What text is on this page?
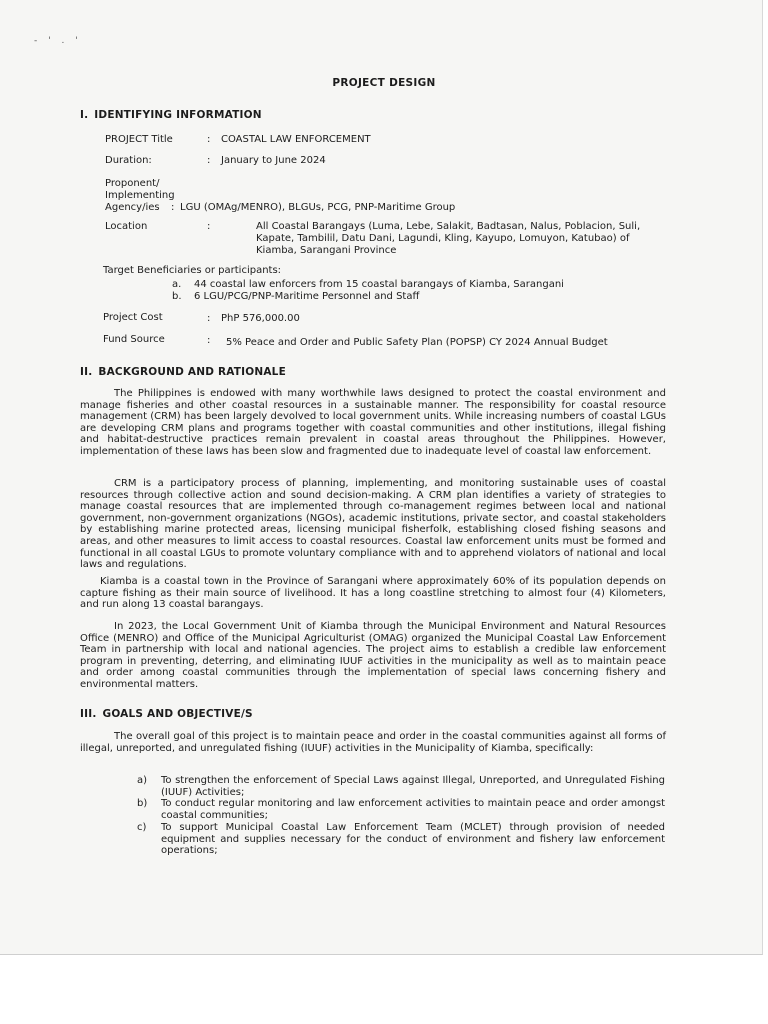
- ' . '
PROJECT DESIGN
I. IDENTIFYING INFORMATION
PROJECT Title	: COASTAL LAW ENFORCEMENT
Duration:	: January to June 2024
Proponent/
Implementing
Agency/ies : LGU (OMAg/MENRO), BLGUs, PCG, PNP-Maritime Group
Location	:	All Coastal Barangays (Luma, Lebe, Salakit, Badtasan, Nalus, Poblacion, Suli,
Kapate, Tambilil, Datu Dani, Lagundi, Kling, Kayupo, Lomuyon, Katubao) of
Kiamba, Sarangani Province
Target Beneficiaries or participants:
a. 44 coastal law enforcers from 15 coastal barangays of Kiamba, Sarangani
b. 6 LGU/PCG/PNP-Maritime Personnel and Staff
Project Cost	: PhP 576,000.00
Fund Source	: 5% Peace and Order and Public Safety Plan (POPSP) CY 2024 Annual Budget
II. BACKGROUND AND RATIONALE
The Philippines is endowed with many worthwhile laws designed to protect the coastal environment and manage fisheries and other coastal resources in a sustainable manner. The responsibility for coastal resource management (CRM) has been largely devolved to local government units. While increasing numbers of coastal LGUs are developing CRM plans and programs together with coastal communities and other institutions, illegal fishing and habitat-destructive practices remain prevalent in coastal areas throughout the Philippines. However, implementation of these laws has been slow and fragmented due to inadequate level of coastal law enforcement.
CRM is a participatory process of planning, implementing, and monitoring sustainable uses of coastal resources through collective action and sound decision-making. A CRM plan identifies a variety of strategies to manage coastal resources that are implemented through co-management regimes between local and national government, non-government organizations (NGOs), academic institutions, private sector, and coastal stakeholders by establishing marine protected areas, licensing municipal fisherfolk, establishing closed fishing seasons and areas, and other measures to limit access to coastal resources. Coastal law enforcement units must be formed and functional in all coastal LGUs to promote voluntary compliance with and to apprehend violators of national and local laws and regulations.
Kiamba is a coastal town in the Province of Sarangani where approximately 60% of its population depends on capture fishing as their main source of livelihood. It has a long coastline stretching to almost four (4) Kilometers, and run along 13 coastal barangays.
In 2023, the Local Government Unit of Kiamba through the Municipal Environment and Natural Resources Office (MENRO) and Office of the Municipal Agriculturist (OMAG) organized the Municipal Coastal Law Enforcement Team in partnership with local and national agencies. The project aims to establish a credible law enforcement program in preventing, deterring, and eliminating IUUF activities in the municipality as well as to maintain peace and order among coastal communities through the implementation of special laws concerning fishery and environmental matters.
III. GOALS AND OBJECTIVE/S
The overall goal of this project is to maintain peace and order in the coastal communities against all forms of illegal, unreported, and unregulated fishing (IUUF) activities in the Municipality of Kiamba, specifically:
a) To strengthen the enforcement of Special Laws against Illegal, Unreported, and Unregulated Fishing (IUUF) Activities;
b) To conduct regular monitoring and law enforcement activities to maintain peace and order amongst coastal communities;
c) To support Municipal Coastal Law Enforcement Team (MCLET) through provision of needed equipment and supplies necessary for the conduct of environment and fishery law enforcement operations;
